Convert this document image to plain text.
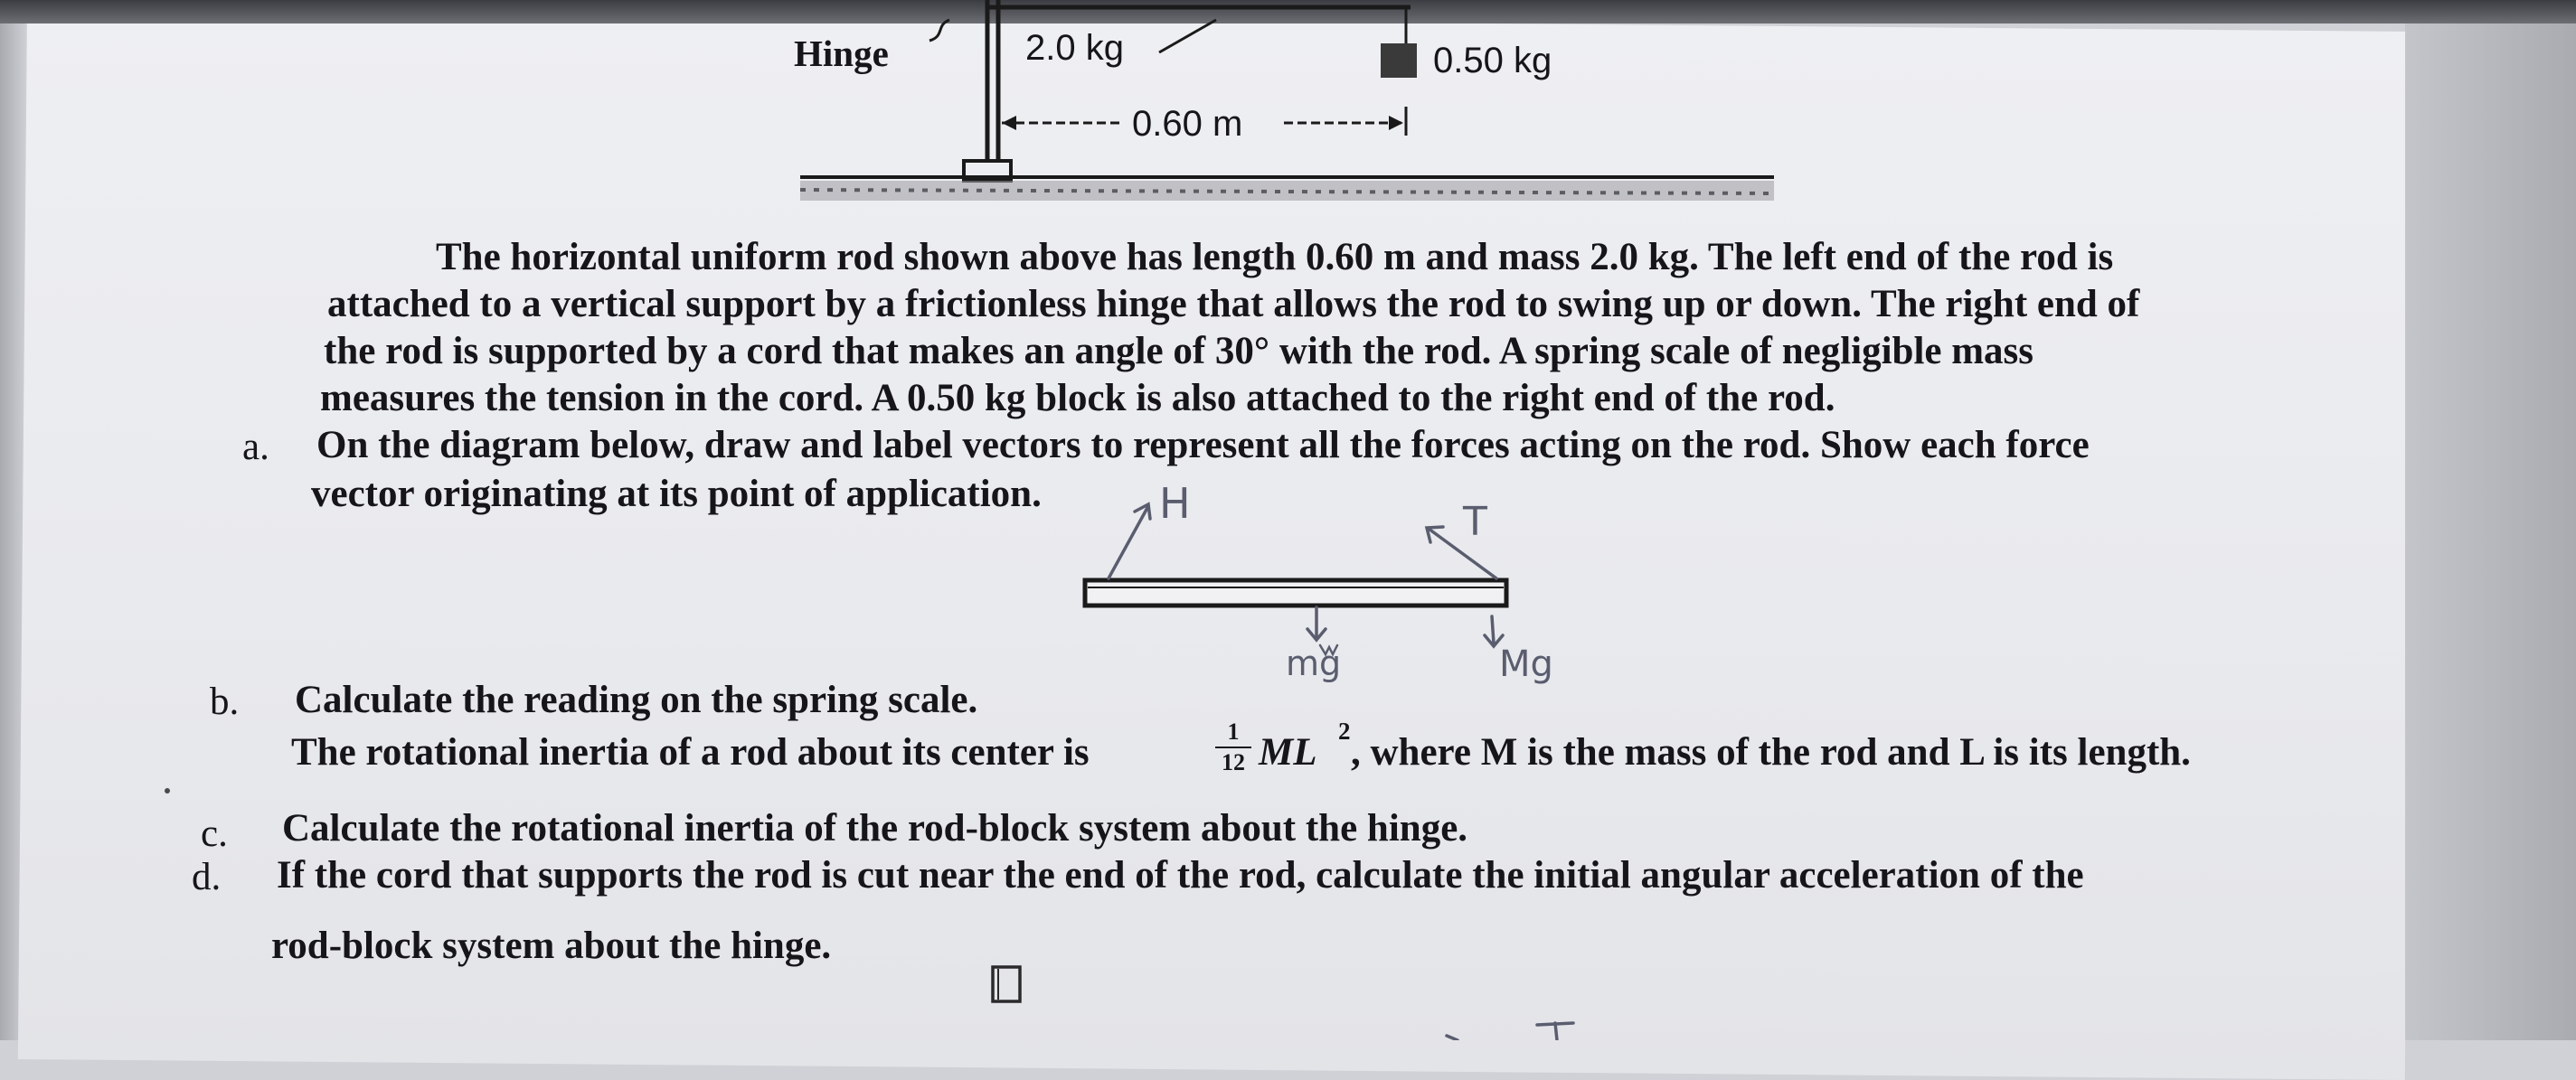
Hinge	2.0 kg	0.50 kg
0.60 m
The horizontal uniform rod shown above has length 0.60 m and mass 2.0 kg. The left end of the rod is
attached to a vertical support by a frictionless hinge that allows the rod to swing up or down. The right end of
the rod is supported by a cord that makes an angle of 30° with the rod. A spring scale of negligible mass
measures the tension in the cord. A 0.50 kg block is also attached to the right end of the rod.
a. On the diagram below, draw and label vectors to represent all the forces acting on the rod. Show each force
vector originating at its point of application.	H	T
mg	Mg
b. Calculate the reading on the spring scale.
The rotational inertia of a rod about its center is	1
12 ML 2 , where M is the mass of the rod and L is its length.
c. Calculate the rotational inertia of the rod-block system about the hinge.
d. If the cord that supports the rod is cut near the end of the rod, calculate the initial angular acceleration of the
rod-block system about the hinge.
